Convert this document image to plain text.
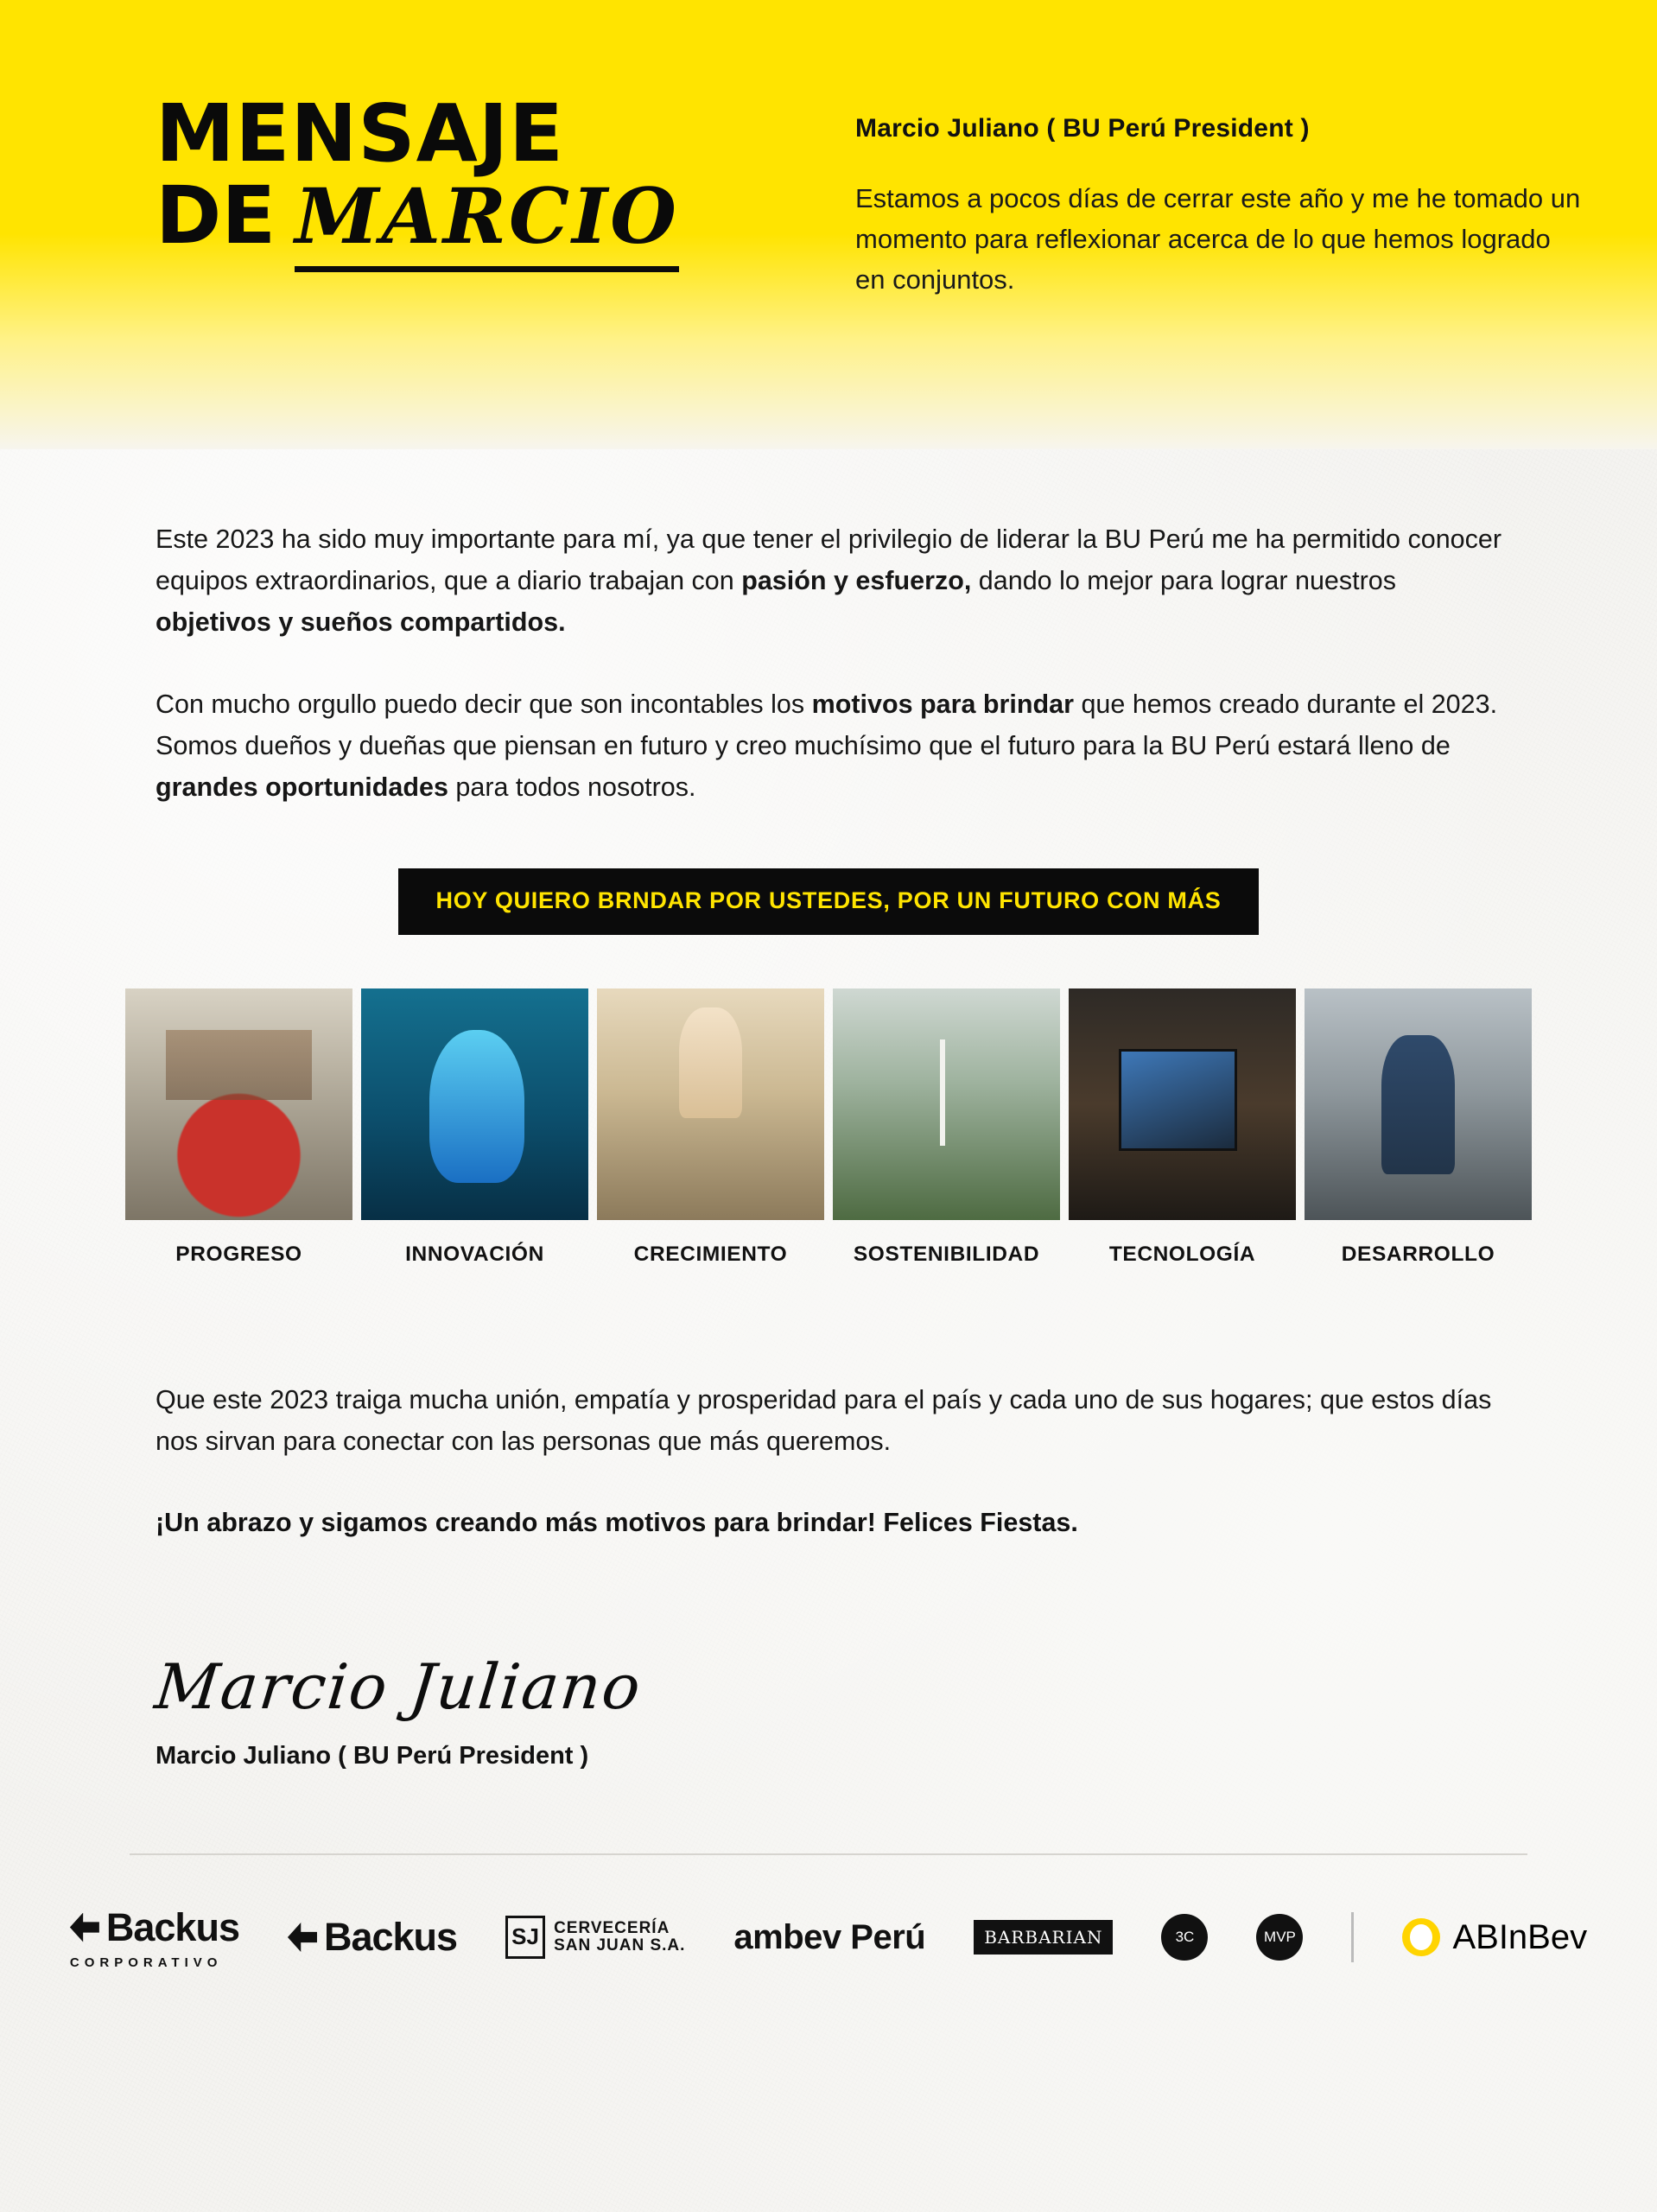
MENSAJE
DE MARCIO
Marcio Juliano ( BU Perú President )
Estamos a pocos días de cerrar este año y me he tomado un momento para reflexionar acerca de lo que hemos logrado en conjuntos.

Este 2023 ha sido muy importante para mí, ya que tener el privilegio de liderar la BU Perú me ha permitido conocer equipos extraordinarios, que a diario trabajan con pasión y esfuerzo, dando lo mejor para lograr nuestros objetivos y sueños compartidos.

Con mucho orgullo puedo decir que son incontables los motivos para brindar que hemos creado durante el 2023. Somos dueños y dueñas que piensan en futuro y creo muchísimo que el futuro para la BU Perú estará lleno de grandes oportunidades para todos nosotros.

HOY QUIERO BRNDAR POR USTEDES, POR UN FUTURO CON MÁS
PROGRESO	INNOVACIÓN	CRECIMIENTO	SOSTENIBILIDAD	TECNOLOGÍA	DESARROLLO

Que este 2023 traiga mucha unión, empatía y prosperidad para el país y cada uno de sus hogares; que estos días nos sirvan para conectar con las personas que más queremos.

¡Un abrazo y sigamos creando más motivos para brindar! Felices Fiestas.

Marcio Juliano
Marcio Juliano ( BU Perú President )
Backus
CORPORATIVO
Backus SJ CERVECERÍA
SAN JUAN S.A. ambev Perú	BARBARIAN	3C	MVP	ABInBev
